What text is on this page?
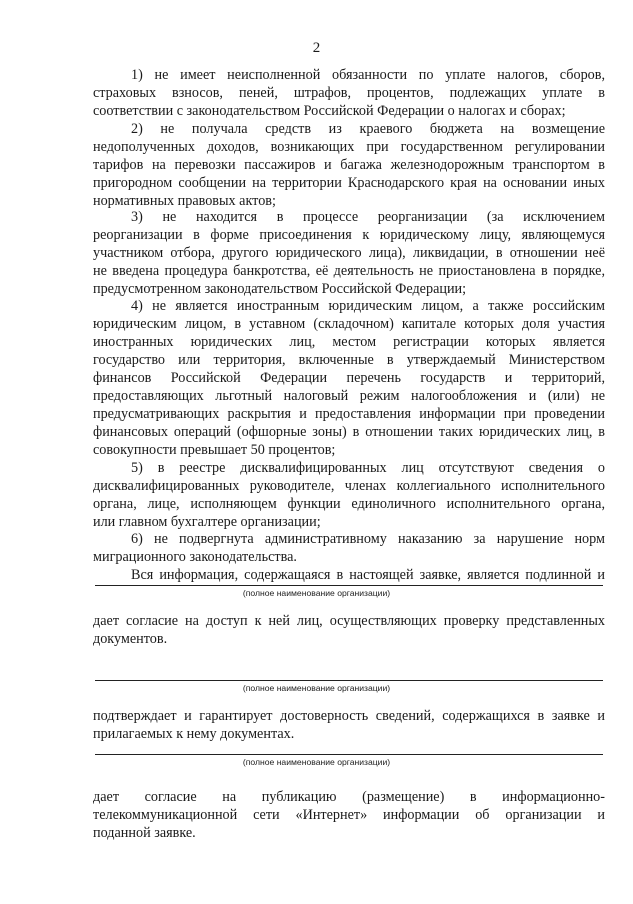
2
1) не имеет неисполненной обязанности по уплате налогов, сборов,
страховых взносов, пеней, штрафов, процентов, подлежащих уплате в
соответствии с законодательством Российской Федерации о налогах и сборах;
2) не получала средств из краевого бюджета на возмещение
недополученных доходов, возникающих при государственном регулировании
тарифов на перевозки пассажиров и багажа железнодорожным транспортом в
пригородном сообщении на территории Краснодарского края на основании иных
нормативных правовых актов;
3) не находится в процессе реорганизации (за исключением
реорганизации в форме присоединения к юридическому лицу, являющемуся
участником отбора, другого юридического лица), ликвидации, в отношении неё
не введена процедура банкротства, её деятельность не приостановлена в порядке,
предусмотренном законодательством Российской Федерации;
4) не является иностранным юридическим лицом, а также российским
юридическим лицом, в уставном (складочном) капитале которых доля участия
иностранных юридических лиц, местом регистрации которых является
государство или территория, включенные в утверждаемый Министерством
финансов Российской Федерации перечень государств и территорий,
предоставляющих льготный налоговый режим налогообложения и (или) не
предусматривающих раскрытия и предоставления информации при проведении
финансовых операций (офшорные зоны) в отношении таких юридических лиц, в
совокупности превышает 50 процентов;
5) в реестре дисквалифицированных лиц отсутствуют сведения о
дисквалифицированных руководителе, членах коллегиального исполнительного
органа, лице, исполняющем функции единоличного исполнительного органа,
или главном бухгалтере организации;
6) не подвергнута административному наказанию за нарушение норм
миграционного законодательства.
Вся информация, содержащаяся в настоящей заявке, является подлинной и
(полное наименование организации)
дает согласие на доступ к ней лиц, осуществляющих проверку представленных
документов.
(полное наименование организации)
подтверждает и гарантирует достоверность сведений, содержащихся в заявке и
прилагаемых к нему документах.
(полное наименование организации)
дает согласие на публикацию (размещение) в информационно-
телекоммуникационной сети «Интернет» информации об организации и
поданной заявке.
